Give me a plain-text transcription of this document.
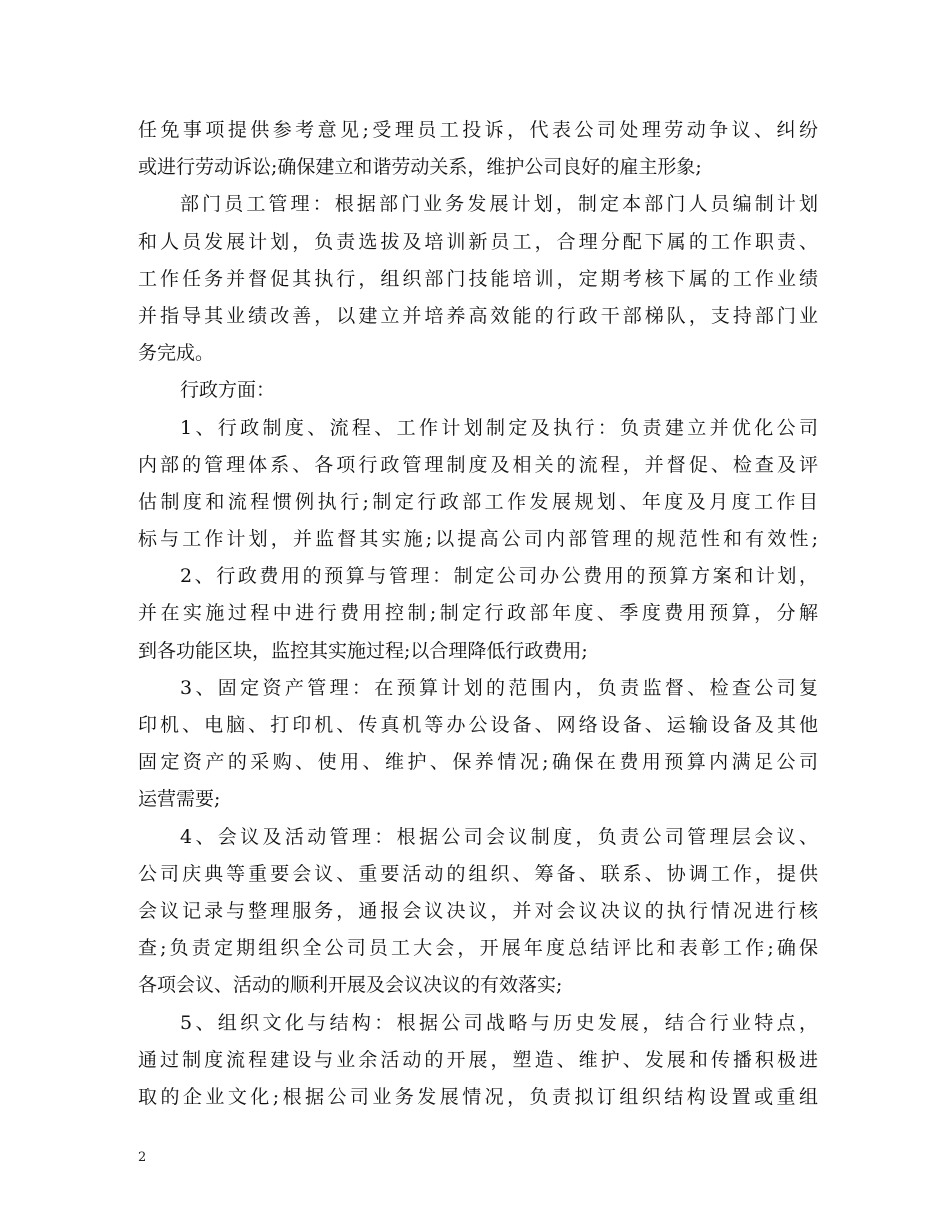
任免事项提供参考意见;受理员工投诉，代表公司处理劳动争议、纠纷
或进行劳动诉讼;确保建立和谐劳动关系，维护公司良好的雇主形象;
部门员工管理：根据部门业务发展计划，制定本部门人员编制计划
和人员发展计划，负责选拔及培训新员工，合理分配下属的工作职责、
工作任务并督促其执行，组织部门技能培训，定期考核下属的工作业绩
并指导其业绩改善，以建立并培养高效能的行政干部梯队，支持部门业
务完成。
行政方面：
1、行政制度、流程、工作计划制定及执行：负责建立并优化公司
内部的管理体系、各项行政管理制度及相关的流程，并督促、检查及评
估制度和流程惯例执行;制定行政部工作发展规划、年度及月度工作目
标与工作计划，并监督其实施;以提高公司内部管理的规范性和有效性;
2、行政费用的预算与管理：制定公司办公费用的预算方案和计划，
并在实施过程中进行费用控制;制定行政部年度、季度费用预算，分解
到各功能区块，监控其实施过程;以合理降低行政费用;
3、固定资产管理：在预算计划的范围内，负责监督、检查公司复
印机、电脑、打印机、传真机等办公设备、网络设备、运输设备及其他
固定资产的采购、使用、维护、保养情况;确保在费用预算内满足公司
运营需要;
4、会议及活动管理：根据公司会议制度，负责公司管理层会议、
公司庆典等重要会议、重要活动的组织、筹备、联系、协调工作，提供
会议记录与整理服务，通报会议决议，并对会议决议的执行情况进行核
查;负责定期组织全公司员工大会，开展年度总结评比和表彰工作;确保
各项会议、活动的顺利开展及会议决议的有效落实;
5、组织文化与结构：根据公司战略与历史发展，结合行业特点，
通过制度流程建设与业余活动的开展，塑造、维护、发展和传播积极进
取的企业文化;根据公司业务发展情况，负责拟订组织结构设置或重组
2
